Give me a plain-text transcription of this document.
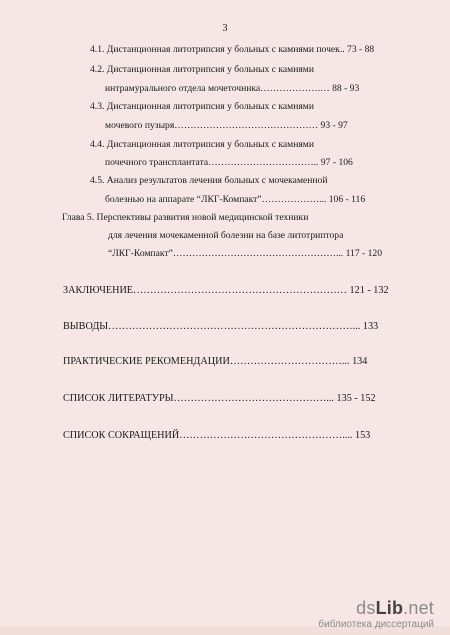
3
4.1. Дистанционная литотрипсия у больных с камнями почек.. 73 - 88
4.2. Дистанционная литотрипсия у больных с камнями
интрамурального отдела мочеточника……………….… 88 - 93
4.3. Дистанционная литотрипсия у больных с камнями
мочевого пузыря……………………………………… 93 - 97
4.4. Дистанционная литотрипсия у больных с камнями
почечного трансплантата…………………………….. 97 - 106
4.5. Анализ результатов лечения больных с мочекаменной
болезнью на аппарате “ЛКГ-Компакт”………………... 106 - 116
Глава 5. Перспективы развития новой медицинской техники
для лечения мочекаменной болезни на базе литотриптора
“ЛКГ-Компакт”……………………………………………... 117 - 120
ЗАКЛЮЧЕНИЕ……………………………………………………… 121 - 132
ВЫВОДЫ………………………………………………………………... 133
ПРАКТИЧЕСКИЕ РЕКОМЕНДАЦИИ……………………………... 134
СПИСОК ЛИТЕРАТУРЫ………………………………………... 135 - 152
СПИСОК СОКРАЩЕНИЙ………………………………………….... 153
dsLib.net
библиотека диссертаций
